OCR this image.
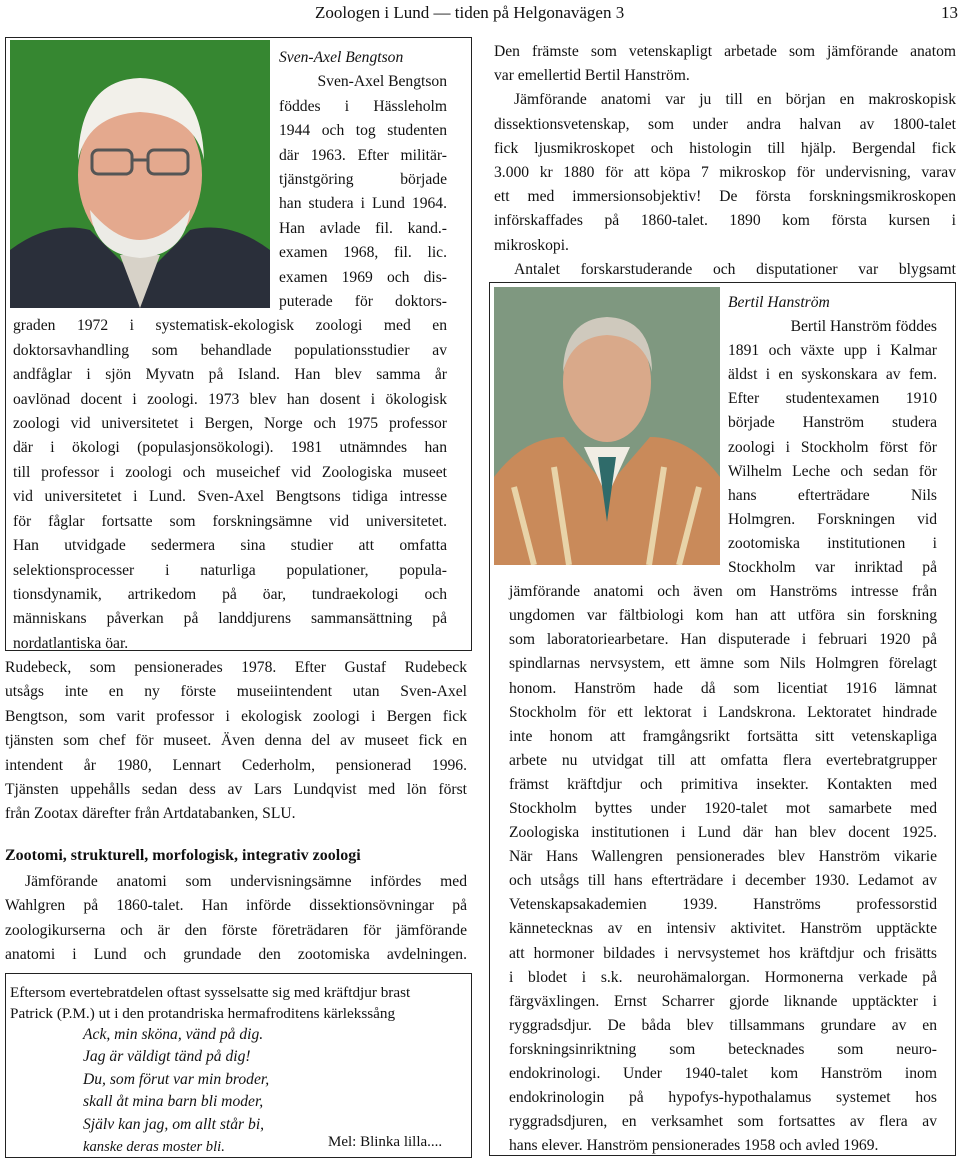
Zoologen i Lund — tiden på Helgonavägen 3	13
Sven-Axel Bengtson
Sven-Axel Bengtson
föddes i Hässleholm
1944 och tog studenten
där 1963. Efter militär-
tjänstgöring började
han studera i Lund 1964.
Han avlade fil. kand.-
examen 1968, fil. lic.
examen 1969 och dis-
puterade för doktors-
graden 1972 i systematisk-ekologisk zoologi med en
doktorsavhandling som behandlade populationsstudier av
andfåglar i sjön Myvatn på Island. Han blev samma år
oavlönad docent i zoologi. 1973 blev han dosent i ökologisk
zoologi vid universitetet i Bergen, Norge och 1975 professor
där i ökologi (populasjonsökologi). 1981 utnämndes han
till professor i zoologi och museichef vid Zoologiska museet
vid universitetet i Lund. Sven-Axel Bengtsons tidiga intresse
för fåglar fortsatte som forskningsämne vid universitetet.
Han utvidgade sedermera sina studier att omfatta
selektionsprocesser i naturliga populationer, popula-
tionsdynamik, artrikedom på öar, tundraekologi och
människans påverkan på landdjurens sammansättning på
nordatlantiska öar.
Rudebeck, som pensionerades 1978. Efter Gustaf Rudebeck
utsågs inte en ny förste museiintendent utan Sven-Axel
Bengtson, som varit professor i ekologisk zoologi i Bergen fick
tjänsten som chef för museet. Även denna del av museet fick en
intendent år 1980, Lennart Cederholm, pensionerad 1996.
Tjänsten uppehålls sedan dess av Lars Lundqvist med lön först
från Zootax därefter från Artdatabanken, SLU.
Zootomi, strukturell, morfologisk, integrativ zoologi
Jämförande anatomi som undervisningsämne infördes med
Wahlgren på 1860-talet. Han införde dissektionsövningar på
zoologikurserna och är den förste företrädaren för jämförande
anatomi i Lund och grundade den zootomiska avdelningen.
Eftersom evertebratdelen oftast sysselsatte sig med kräftdjur brast
Patrick (P.M.) ut i den protandriska hermafroditens kärlekssång
Ack, min sköna, vänd på dig.
Jag är väldigt tänd på dig!
Du, som förut var min broder,
skall åt mina barn bli moder,
Själv kan jag, om allt står bi,
kanske deras moster bli.	Mel: Blinka lilla....
Den främste som vetenskapligt arbetade som jämförande anatom
var emellertid Bertil Hanström.
Jämförande anatomi var ju till en början en makroskopisk
dissektionsvetenskap, som under andra halvan av 1800-talet
fick ljusmikroskopet och histologin till hjälp. Bergendal fick
3.000 kr 1880 för att köpa 7 mikroskop för undervisning, varav
ett med immersionsobjektiv! De första forskningsmikroskopen
införskaffades på 1860-talet. 1890 kom första kursen i
mikroskopi.
Antalet forskarstuderande och disputationer var blygsamt
Bertil Hanström
Bertil Hanström föddes
1891 och växte upp i Kalmar
äldst i en syskonskara av fem.
Efter studentexamen 1910
började Hanström studera
zoologi i Stockholm först för
Wilhelm Leche och sedan för
hans efterträdare Nils
Holmgren. Forskningen vid
zootomiska institutionen i
Stockholm var inriktad på
jämförande anatomi och även om Hanströms intresse från
ungdomen var fältbiologi kom han att utföra sin forskning
som laboratoriearbetare. Han disputerade i februari 1920 på
spindlarnas nervsystem, ett ämne som Nils Holmgren förelagt
honom. Hanström hade då som licentiat 1916 lämnat
Stockholm för ett lektorat i Landskrona. Lektoratet hindrade
inte honom att framgångsrikt fortsätta sitt vetenskapliga
arbete nu utvidgat till att omfatta flera evertebratgrupper
främst kräftdjur och primitiva insekter. Kontakten med
Stockholm byttes under 1920-talet mot samarbete med
Zoologiska institutionen i Lund där han blev docent 1925.
När Hans Wallengren pensionerades blev Hanström vikarie
och utsågs till hans efterträdare i december 1930. Ledamot av
Vetenskapsakademien 1939. Hanströms professorstid
kännetecknas av en intensiv aktivitet. Hanström upptäckte
att hormoner bildades i nervsystemet hos kräftdjur och frisätts
i blodet i s.k. neurohämalorgan. Hormonerna verkade på
färgväxlingen. Ernst Scharrer gjorde liknande upptäckter i
ryggradsdjur. De båda blev tillsammans grundare av en
forskningsinriktning som betecknades som neuro-
endokrinologi. Under 1940-talet kom Hanström inom
endokrinologin på hypofys-hypothalamus systemet hos
ryggradsdjuren, en verksamhet som fortsattes av flera av
hans elever. Hanström pensionerades 1958 och avled 1969.
